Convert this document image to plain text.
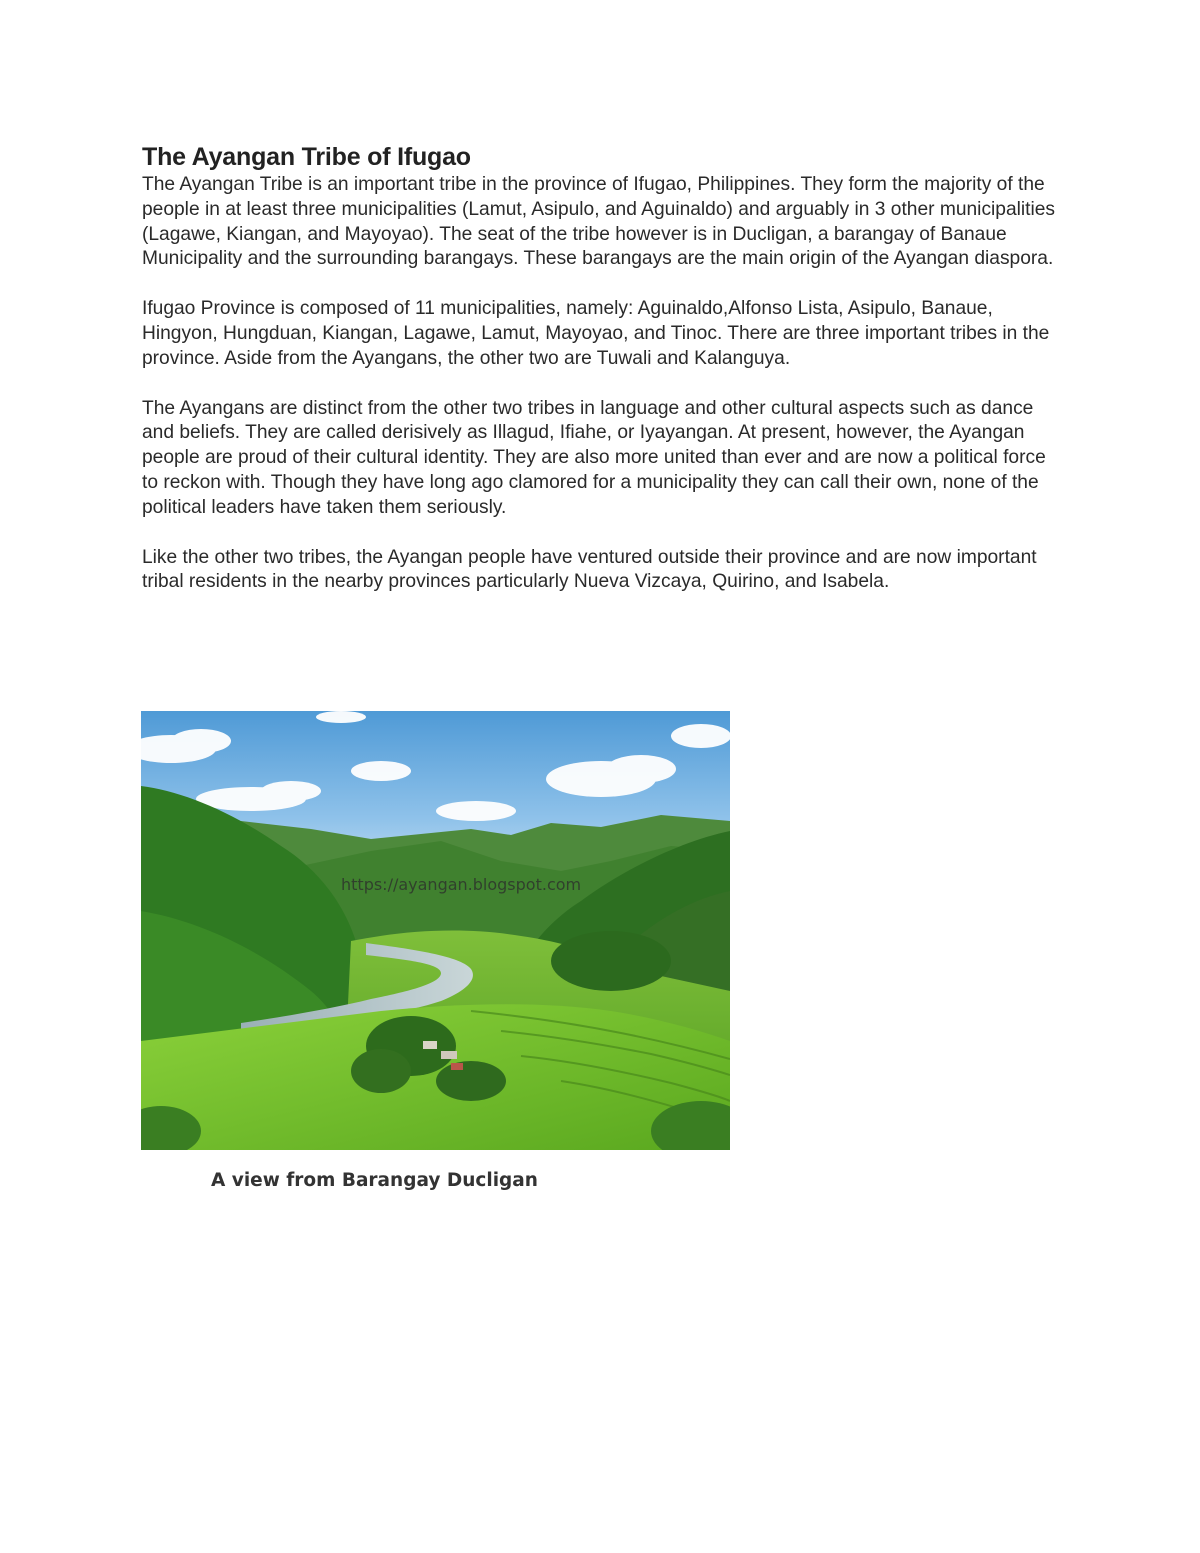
The Ayangan Tribe of Ifugao

The Ayangan Tribe is an important tribe in the province of Ifugao, Philippines. They form the majority of the people in at least three municipalities (Lamut, Asipulo, and Aguinaldo) and arguably in 3 other municipalities (Lagawe, Kiangan, and Mayoyao). The seat of the tribe however is in Ducligan, a barangay of Banaue Municipality and the surrounding barangays. These barangays are the main origin of the Ayangan diaspora.

Ifugao Province is composed of 11 municipalities, namely: Aguinaldo,Alfonso Lista, Asipulo, Banaue, Hingyon, Hungduan, Kiangan, Lagawe, Lamut, Mayoyao, and Tinoc. There are three important tribes in the province. Aside from the Ayangans, the other two are Tuwali and Kalanguya.

The Ayangans are distinct from the other two tribes in language and other cultural aspects such as dance and beliefs. They are called derisively as Illagud, Ifiahe, or Iyayangan. At present, however, the Ayangan people are proud of their cultural identity. They are also more united than ever and are now a political force to reckon with. Though they have long ago clamored for a municipality they can call their own, none of the political leaders have taken them seriously.

Like the other two tribes, the Ayangan people have ventured outside their province and are now important tribal residents in the nearby provinces particularly Nueva Vizcaya, Quirino, and Isabela.

https://ayangan.blogspot.com
A view from Barangay Ducligan
